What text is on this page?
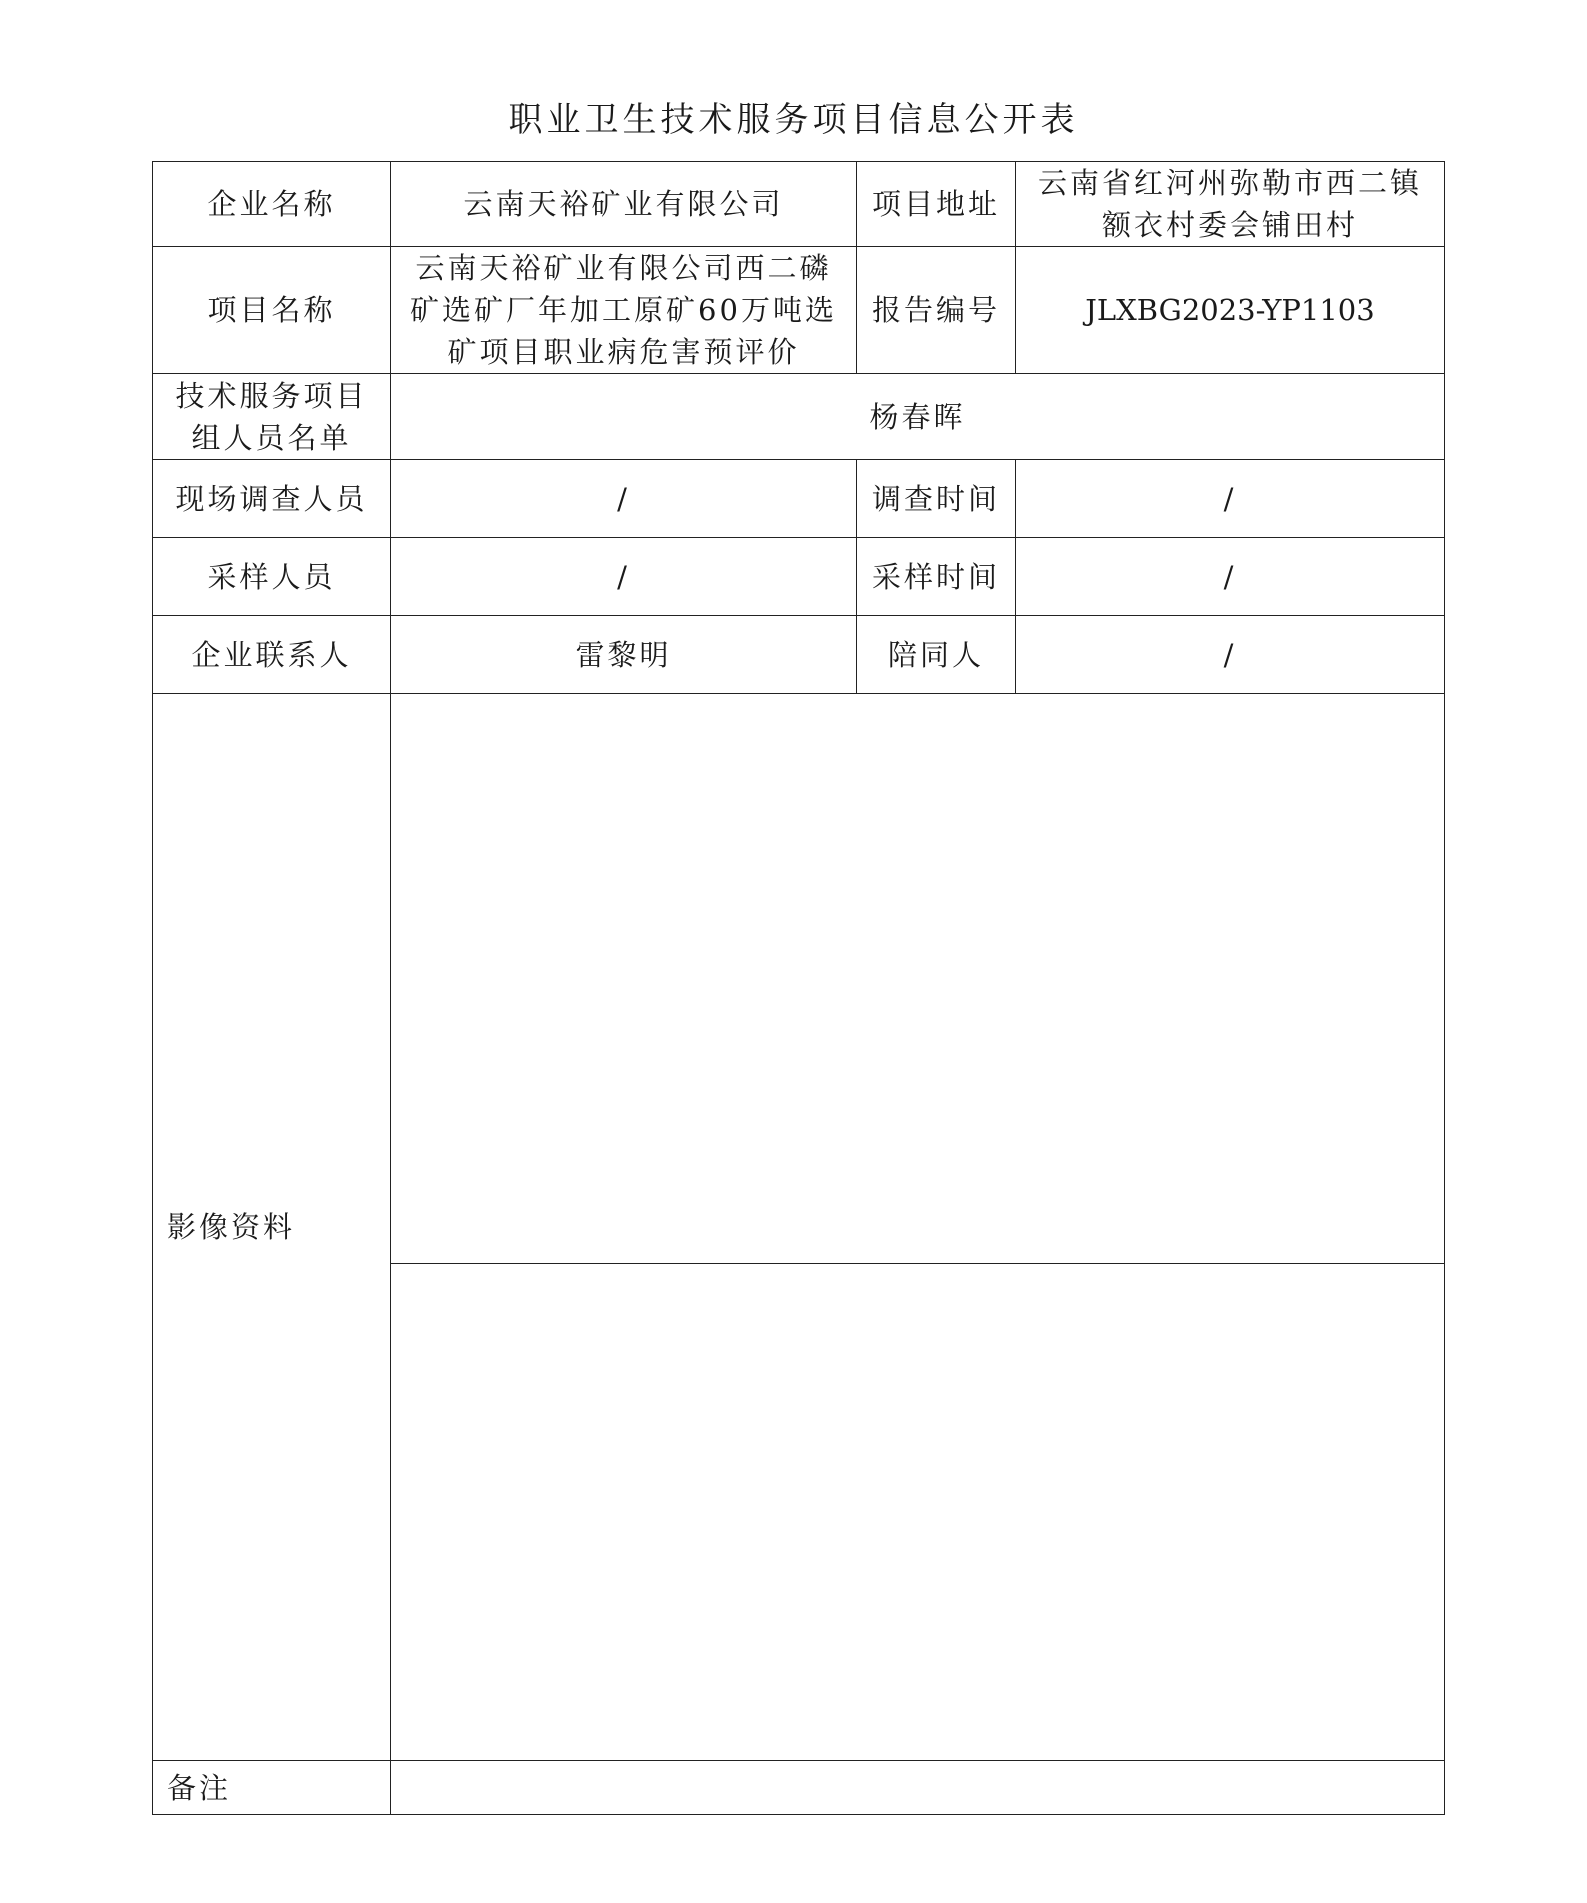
职业卫生技术服务项目信息公开表
企业名称	云南天裕矿业有限公司	项目地址	云南省红河州弥勒市西二镇额衣村委会铺田村
项目名称	云南天裕矿业有限公司西二磷矿选矿厂年加工原矿60万吨选矿项目职业病危害预评价	报告编号	JLXBG2023-YP1103
技术服务项目组人员名单	杨春晖		
现场调查人员	/	调查时间	/
采样人员	/	采样时间	/
企业联系人	雷黎明	陪同人	/
影像资料			

备注			
